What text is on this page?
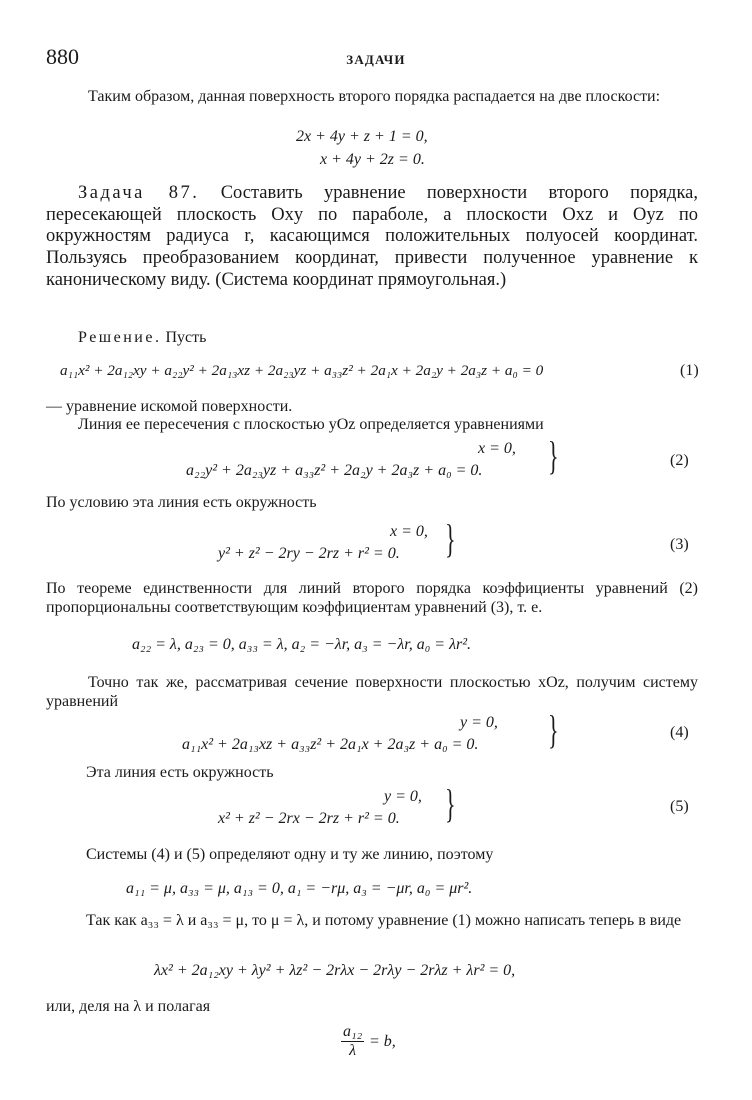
880	ЗАДАЧИ
Таким образом, данная поверхность второго порядка распадается на две плоскости:
2x + 4y + z + 1 = 0,
x + 4y + 2z = 0.
Задача 87. Составить уравнение поверхности второго порядка, пересекающей плоскость Oxy по параболе, а плоскости Oxz и Oyz по окружностям радиуса r, касающимся положительных полуосей координат. Пользуясь преобразованием координат, привести полученное уравнение к каноническому виду. (Система координат прямоугольная.)
Решение. Пусть
a₁₁x² + 2a₁₂xy + a₂₂y² + 2a₁₃xz + 2a₂₃yz + a₃₃z² + 2a₁x + 2a₂y + 2a₃z + a₀ = 0	(1)
— уравнение искомой поверхности.
Линия ее пересечения с плоскостью yOz определяется уравнениями
x = 0,
a₂₂y² + 2a₂₃yz + a₃₃z² + 2a₂y + 2a₃z + a₀ = 0. }	(2)
По условию эта линия есть окружность
x = 0,
y² + z² − 2ry − 2rz + r² = 0. }	(3)
По теореме единственности для линий второго порядка коэффициенты уравнений (2) пропорциональны соответствующим коэффициентам уравнений (3), т. е.
a₂₂ = λ, a₂₃ = 0, a₃₃ = λ, a₂ = −λr, a₃ = −λr, a₀ = λr².
Точно так же, рассматривая сечение поверхности плоскостью xOz, получим систему уравнений
y = 0,
a₁₁x² + 2a₁₃xz + a₃₃z² + 2a₁x + 2a₃z + a₀ = 0. }	(4)
Эта линия есть окружность
y = 0,
x² + z² − 2rx − 2rz + r² = 0. }	(5)
Системы (4) и (5) определяют одну и ту же линию, поэтому
a₁₁ = μ, a₃₃ = μ, a₁₃ = 0, a₁ = −rμ, a₃ = −μr, a₀ = μr².
Так как a₃₃ = λ и a₃₃ = μ, то μ = λ, и потому уравнение (1) можно написать теперь в виде
λx² + 2a₁₂xy + λy² + λz² − 2rλx − 2rλy − 2rλz + λr² = 0,
или, деля на λ и полагая
$\frac{\text{a₁₂}}{\lambda} = b$,
